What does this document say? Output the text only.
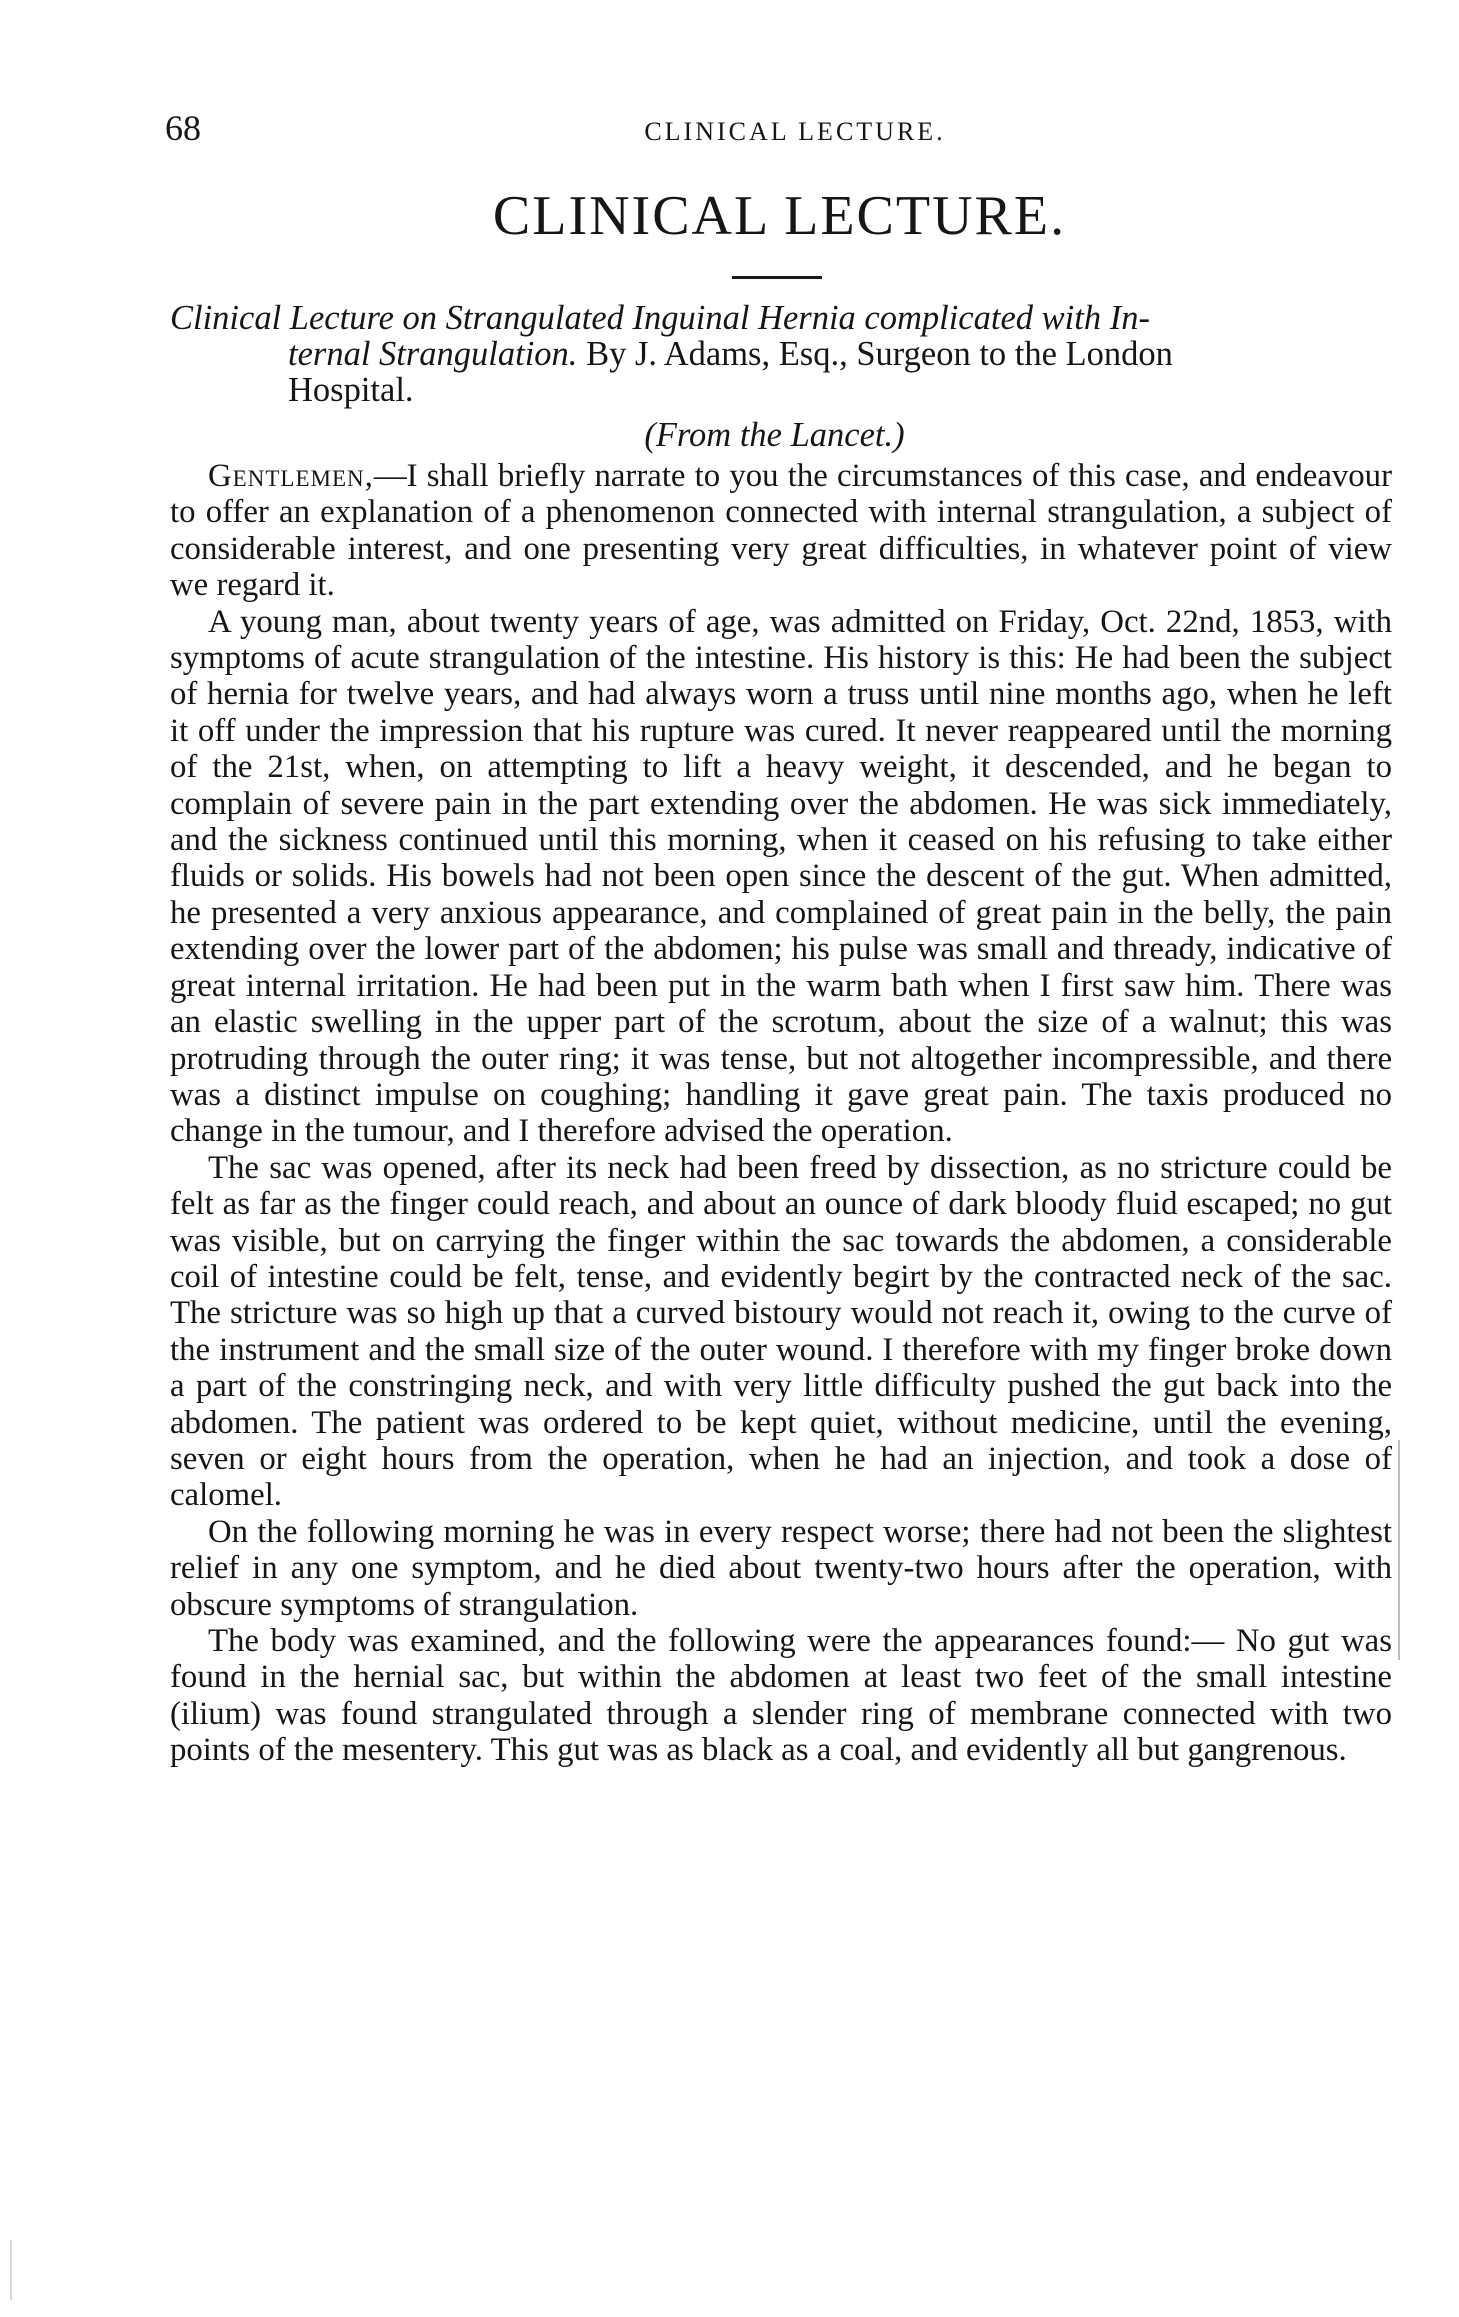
68	CLINICAL LECTURE.
CLINICAL LECTURE.
Clinical Lecture on Strangulated Inguinal Hernia complicated with In-
ternal Strangulation. By J. Adams, Esq., Surgeon to the London
Hospital.
(From the Lancet.)

Gentlemen,—I shall briefly narrate to you the circumstances of this case, and endeavour to offer an explanation of a phenomenon connected with internal strangulation, a subject of considerable interest, and one presenting very great difficulties, in whatever point of view we regard it.

A young man, about twenty years of age, was admitted on Friday, Oct. 22nd, 1853, with symptoms of acute strangulation of the intestine. His history is this: He had been the subject of hernia for twelve years, and had always worn a truss until nine months ago, when he left it off under the impression that his rupture was cured. It never reappeared until the morning of the 21st, when, on attempting to lift a heavy weight, it descended, and he began to complain of severe pain in the part extending over the abdomen. He was sick immediately, and the sickness continued until this morning, when it ceased on his refusing to take either fluids or solids. His bowels had not been open since the descent of the gut. When admitted, he presented a very anxious appearance, and complained of great pain in the belly, the pain extending over the lower part of the abdomen; his pulse was small and thready, indicative of great internal irritation. He had been put in the warm bath when I first saw him. There was an elastic swelling in the upper part of the scrotum, about the size of a walnut; this was protruding through the outer ring; it was tense, but not altogether incompressible, and there was a distinct impulse on coughing; handling it gave great pain. The taxis produced no change in the tumour, and I therefore advised the operation.

The sac was opened, after its neck had been freed by dissection, as no stricture could be felt as far as the finger could reach, and about an ounce of dark bloody fluid escaped; no gut was visible, but on carrying the finger within the sac towards the abdomen, a considerable coil of intestine could be felt, tense, and evidently begirt by the contracted neck of the sac. The stricture was so high up that a curved bistoury would not reach it, owing to the curve of the instrument and the small size of the outer wound. I therefore with my finger broke down a part of the constringing neck, and with very little difficulty pushed the gut back into the abdomen. The patient was ordered to be kept quiet, without medicine, until the evening, seven or eight hours from the operation, when he had an injection, and took a dose of calomel.

On the following morning he was in every respect worse; there had not been the slightest relief in any one symptom, and he died about twenty-two hours after the operation, with obscure symptoms of strangulation.

The body was examined, and the following were the appearances found:— No gut was found in the hernial sac, but within the abdomen at least two feet of the small intestine (ilium) was found strangulated through a slender ring of membrane connected with two points of the mesentery. This gut was as black as a coal, and evidently all but gangrenous.
